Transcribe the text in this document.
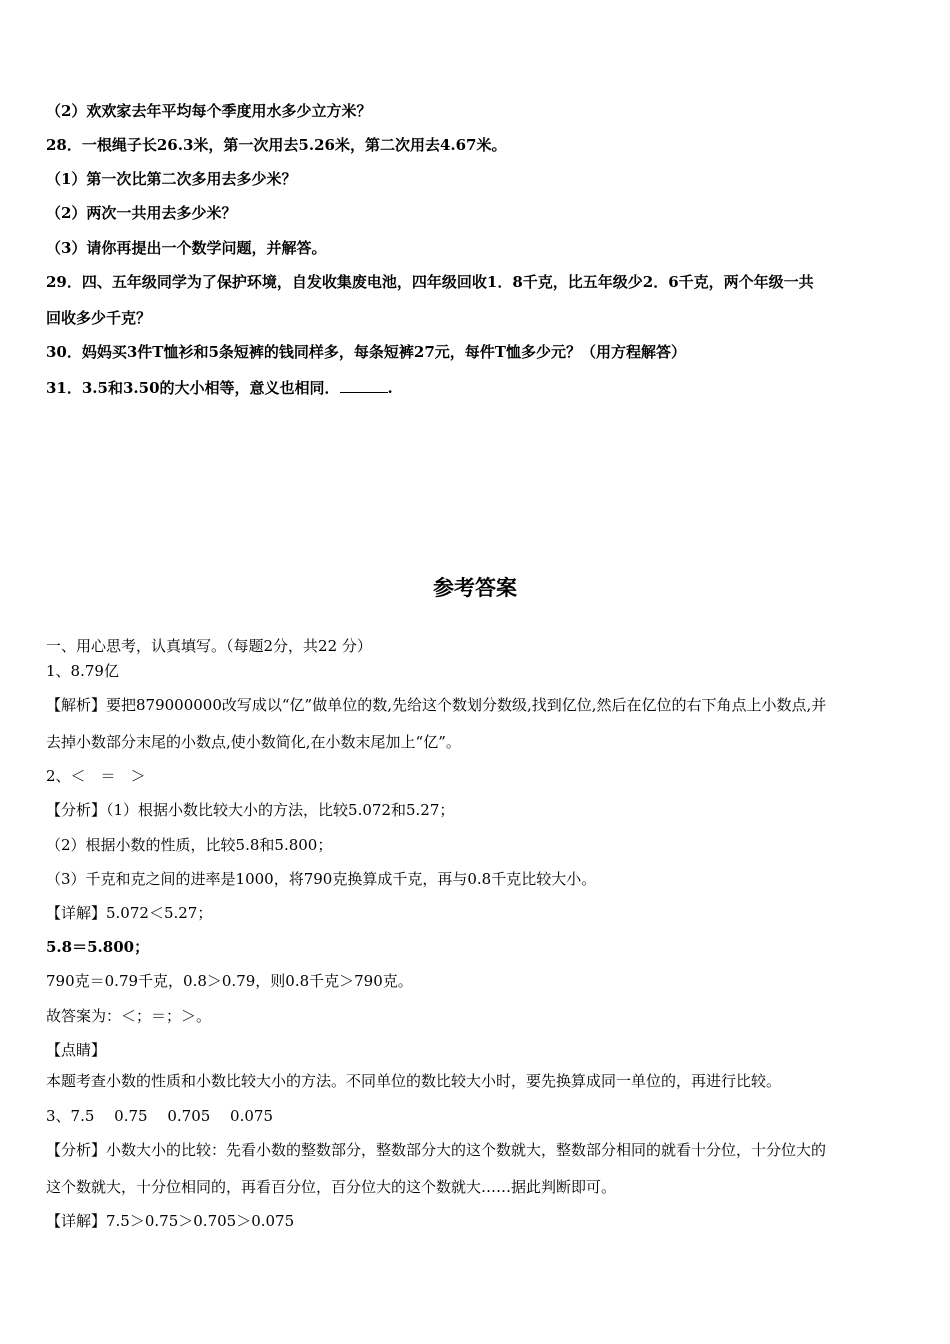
（2）欢欢家去年平均每个季度用水多少立方米？
28．一根绳子长26.3米，第一次用去5.26米，第二次用去4.67米。
（1）第一次比第二次多用去多少米？
（2）两次一共用去多少米？
（3）请你再提出一个数学问题，并解答。
29．四、五年级同学为了保护环境，自发收集废电池，四年级回收1．8千克，比五年级少2．6千克，两个年级一共
回收多少千克？
30．妈妈买3件T恤衫和5条短裤的钱同样多，每条短裤27元，每件T恤多少元？（用方程解答）
31．3.5和3.50的大小相等，意义也相同．	.
参考答案
一、用心思考，认真填写。（每题2分，共22 分）
1、8.79亿
【解析】要把879000000改写成以“亿”做单位的数,先给这个数划分数级,找到亿位,然后在亿位的右下角点上小数点,并
去掉小数部分末尾的小数点,使小数简化,在小数末尾加上“亿”。
2、＜　＝　＞
【分析】（1）根据小数比较大小的方法，比较5.072和5.27；
（2）根据小数的性质，比较5.8和5.800；
（3）千克和克之间的进率是1000，将790克换算成千克，再与0.8千克比较大小。
【详解】5.072＜5.27；
5.8＝5.800；
790克＝0.79千克，0.8＞0.79，则0.8千克＞790克。
故答案为：＜；＝；＞。
【点睛】
本题考查小数的性质和小数比较大小的方法。不同单位的数比较大小时，要先换算成同一单位的，再进行比较。
3、7.5　 0.75　 0.705　 0.075
【分析】小数大小的比较：先看小数的整数部分，整数部分大的这个数就大，整数部分相同的就看十分位，十分位大的
这个数就大，十分位相同的，再看百分位，百分位大的这个数就大……据此判断即可。
【详解】7.5＞0.75＞0.705＞0.075
